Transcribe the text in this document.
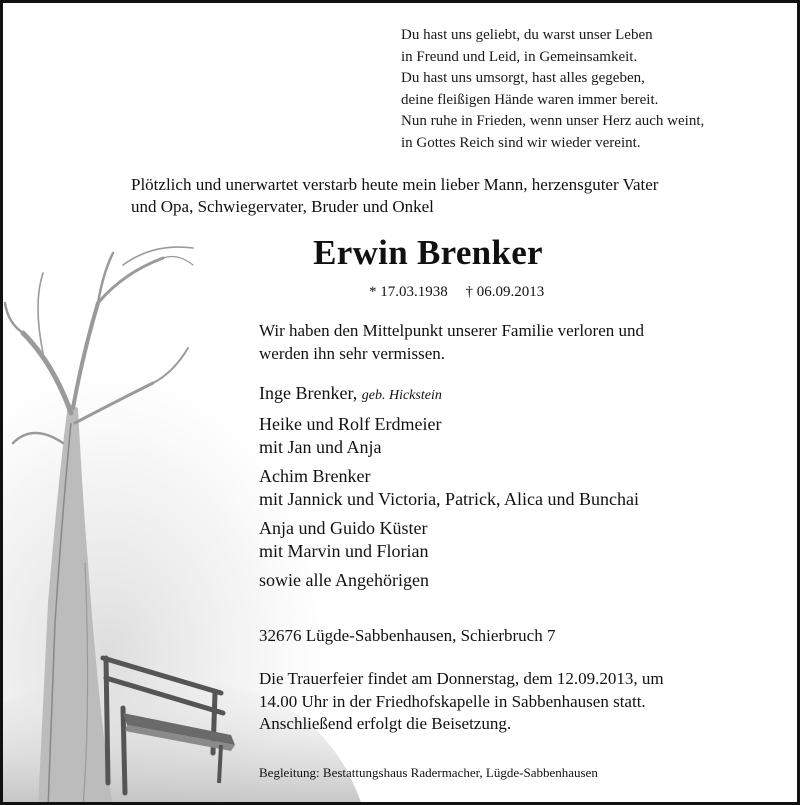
Du hast uns geliebt, du warst unser Leben
in Freund und Leid, in Gemeinsamkeit.
Du hast uns umsorgt, hast alles gegeben,
deine fleißigen Hände waren immer bereit.
Nun ruhe in Frieden, wenn unser Herz auch weint,
in Gottes Reich sind wir wieder vereint.
Plötzlich und unerwartet verstarb heute mein lieber Mann, herzensguter Vater
und Opa, Schwiegervater, Bruder und Onkel
Erwin Brenker
* 17.03.1938 † 06.09.2013
Wir haben den Mittelpunkt unserer Familie verloren und
werden ihn sehr vermissen.
Inge Brenker, geb. Hickstein
Heike und Rolf Erdmeier
mit Jan und Anja
Achim Brenker
mit Jannick und Victoria, Patrick, Alica und Bunchai
Anja und Guido Küster
mit Marvin und Florian
sowie alle Angehörigen
32676 Lügde-Sabbenhausen, Schierbruch 7
Die Trauerfeier findet am Donnerstag, dem 12.09.2013, um
14.00 Uhr in der Friedhofskapelle in Sabbenhausen statt.
Anschließend erfolgt die Beisetzung.
Begleitung: Bestattungshaus Radermacher, Lügde-Sabbenhausen
